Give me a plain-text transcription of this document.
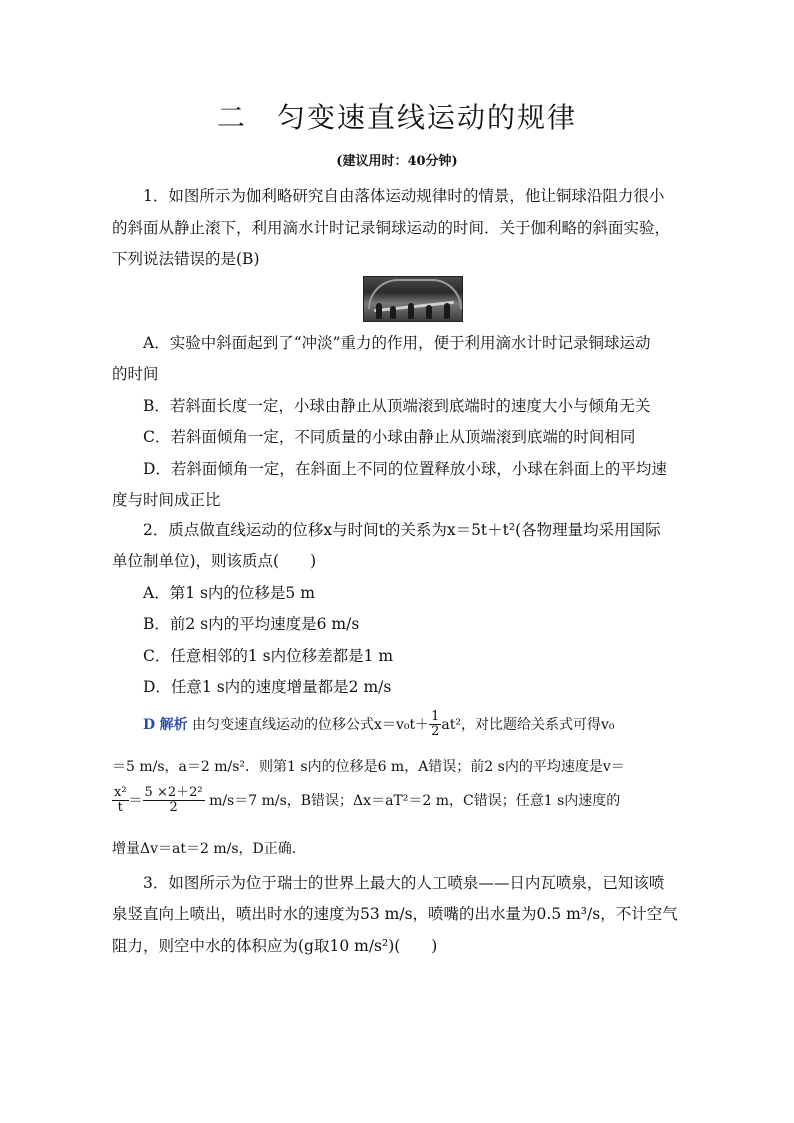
二　匀变速直线运动的规律
(建议用时：40分钟)
1．如图所示为伽利略研究自由落体运动规律时的情景，他让铜球沿阻力很小
的斜面从静止滚下，利用滴水计时记录铜球运动的时间．关于伽利略的斜面实验，
下列说法错误的是(B)
A．实验中斜面起到了“冲淡”重力的作用，便于利用滴水计时记录铜球运动
的时间
B．若斜面长度一定，小球由静止从顶端滚到底端时的速度大小与倾角无关
C．若斜面倾角一定，不同质量的小球由静止从顶端滚到底端的时间相同
D．若斜面倾角一定，在斜面上不同的位置释放小球，小球在斜面上的平均速
度与时间成正比
2．质点做直线运动的位移x与时间t的关系为x＝5t＋t²(各物理量均采用国际
单位制单位)，则该质点(　　)
A．第1 s内的位移是5 m
B．前2 s内的平均速度是6 m/s
C．任意相邻的1 s内位移差都是1 m
D．任意1 s内的速度增量都是2 m/s
D 解析 由匀变速直线运动的位移公式$x=v_0t+ \frac{1}{2} at^2$，对比题给关系式可得v₀
＝5 m/s，a＝2 m/s²．则第1 s内的位移是6 m，A错误；前2 s内的平均速度是v＝
$\frac{\text{x²}}{t} = \frac{\text{5 ×2＋2²}}{2} m/s=7$ m/s，B错误；Δx＝aT²＝2 m，C错误；任意1 s内速度的
增量Δv＝at＝2 m/s，D正确．
3．如图所示为位于瑞士的世界上最大的人工喷泉——日内瓦喷泉，已知该喷
泉竖直向上喷出，喷出时水的速度为53 m/s，喷嘴的出水量为0.5 m³/s，不计空气
阻力，则空中水的体积应为(g取10 m/s²)(　　)
